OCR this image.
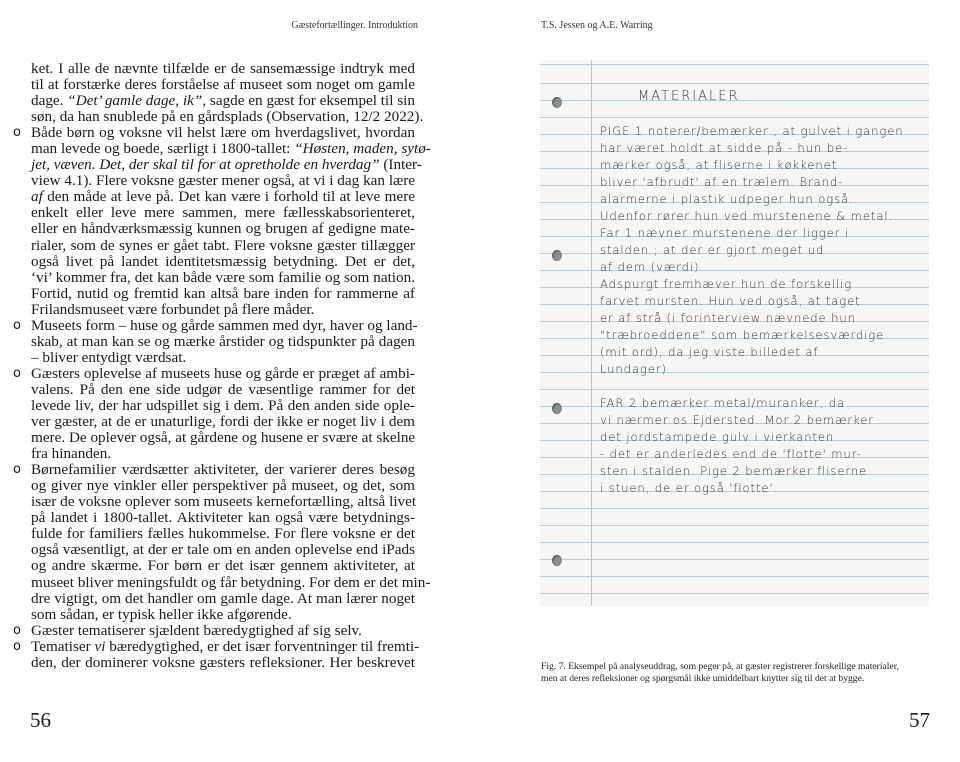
Gæstefortællinger. Introduktion	T.S. Jessen og A.E. Warring
ket. I alle de nævnte tilfælde er de sansemæssige indtryk med
til at forstærke deres forståelse af museet som noget om gamle
dage. “Det’ gamle dage, ik”, sagde en gæst for eksempel til sin
søn, da han snublede på en gårdsplads (Observation, 12/2 2022).
o Både børn og voksne vil helst lære om hverdagslivet, hvordan
man levede og boede, særligt i 1800-tallet: “Høsten, maden, sytø-
jet, væven. Det, der skal til for at opretholde en hverdag” (Inter-
view 4.1). Flere voksne gæster mener også, at vi i dag kan lære
af den måde at leve på. Det kan være i forhold til at leve mere
enkelt eller leve mere sammen, mere fællesskabsorienteret,
eller en håndværksmæssig kunnen og brugen af gedigne mate-
rialer, som de synes er gået tabt. Flere voksne gæster tillægger
også livet på landet identitetsmæssig betydning. Det er det,
‘vi’ kommer fra, det kan både være som familie og som nation.
Fortid, nutid og fremtid kan altså bare inden for rammerne af
Frilandsmuseet være forbundet på flere måder.
o Museets form – huse og gårde sammen med dyr, haver og land-
skab, at man kan se og mærke årstider og tidspunkter på dagen
– bliver entydigt værdsat.
o Gæsters oplevelse af museets huse og gårde er præget af ambi-
valens. På den ene side udgør de væsentlige rammer for det
levede liv, der har udspillet sig i dem. På den anden side ople-
ver gæster, at de er unaturlige, fordi der ikke er noget liv i dem
mere. De oplever også, at gårdene og husene er svære at skelne
fra hinanden.
o Børnefamilier værdsætter aktiviteter, der varierer deres besøg
og giver nye vinkler eller perspektiver på museet, og det, som
især de voksne oplever som museets kernefortælling, altså livet
på landet i 1800-tallet. Aktiviteter kan også være betydnings-
fulde for familiers fælles hukommelse. For flere voksne er det
også væsentligt, at der er tale om en anden oplevelse end iPads
og andre skærme. For børn er det især gennem aktiviteter, at
museet bliver meningsfuldt og får betydning. For dem er det min-
dre vigtigt, om det handler om gamle dage. At man lærer noget
som sådan, er typisk heller ikke afgørende.
o Gæster tematiserer sjældent bæredygtighed af sig selv.
o Tematiser vi bæredygtighed, er det især forventninger til fremti-
den, der dominerer voksne gæsters refleksioner. Her beskrevet
MATERIALER
PIGE 1 noterer/bemærker , at gulvet i gangen
har været holdt at sidde på - hun be-
mærker også, at fliserne i køkkenet
bliver 'afbrudt' af en trælem. Brand-
alarmerne i plastik udpeger hun også.
Udenfor rører hun ved murstenene & metal.
Far 1 nævner murstenene der ligger i
stalden ; at der er gjort meget ud
af dem (værdi)
Adspurgt fremhæver hun de forskellig
farvet mursten. Hun ved også, at taget
er af strå (i forinterview nævnede hun
"træbroeddene" som bemærkelsesværdige
(mit ord), da jeg viste billedet af
Lundager)
FAR 2 bemærker metal/muranker, da
vi nærmer os Ejdersted. Mor 2 bemærker
det jordstampede gulv i vierkanten
- det er anderledes end de 'flotte' mur-
sten i stalden. Pige 2 bemærker fliserne
i stuen, de er også 'flotte'.
Fig. 7. Eksempel på analyseuddrag, som peger på, at gæster registrerer forskellige materialer,
men at deres refleksioner og spørgsmål ikke umiddelbart knytter sig til det at bygge.
56	57
